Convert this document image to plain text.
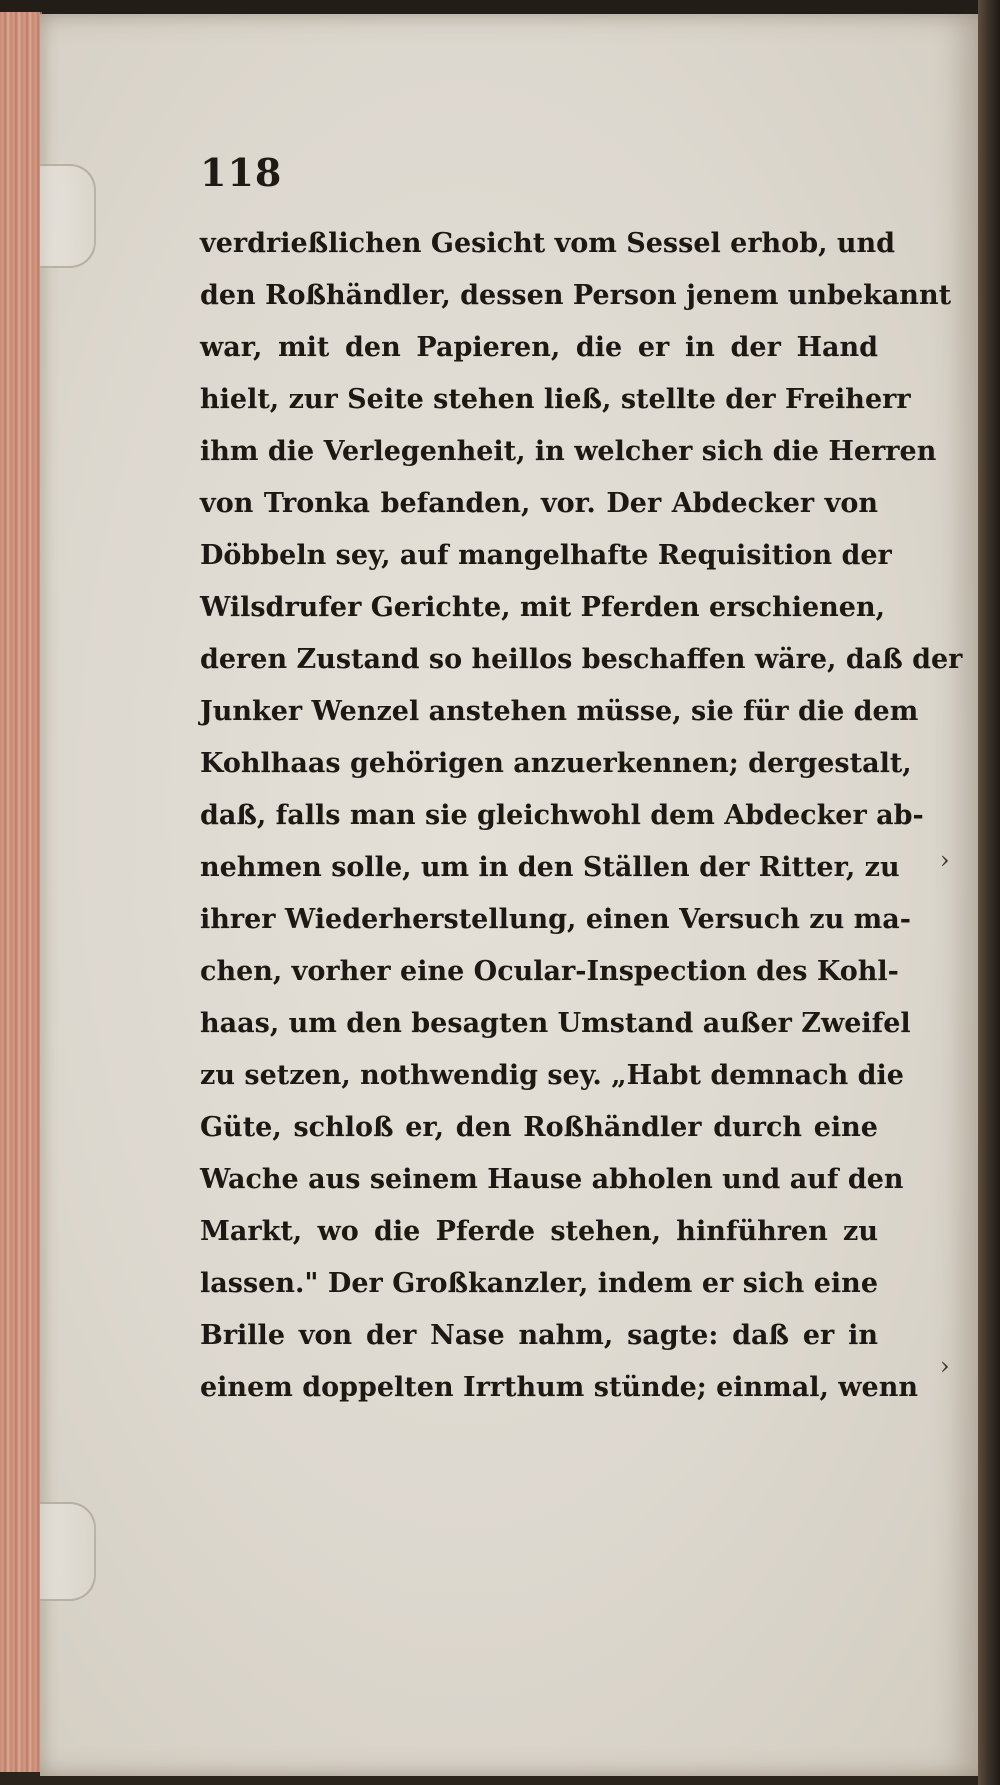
›
›
118
verdrießlichen Gesicht vom Sessel erhob, und
den Roßhändler, dessen Person jenem unbekannt
war, mit den Papieren, die er in der Hand
hielt, zur Seite stehen ließ, stellte der Freiherr
ihm die Verlegenheit, in welcher sich die Herren
von Tronka befanden, vor. Der Abdecker von
Döbbeln sey, auf mangelhafte Requisition der
Wilsdrufer Gerichte, mit Pferden erschienen,
deren Zustand so heillos beschaffen wäre, daß der
Junker Wenzel anstehen müsse, sie für die dem
Kohlhaas gehörigen anzuerkennen; dergestalt,
daß, falls man sie gleichwohl dem Abdecker ab-
nehmen solle, um in den Ställen der Ritter, zu
ihrer Wiederherstellung, einen Versuch zu ma-
chen, vorher eine Ocular-Inspection des Kohl-
haas, um den besagten Umstand außer Zweifel
zu setzen, nothwendig sey. „Habt demnach die
Güte, schloß er, den Roßhändler durch eine
Wache aus seinem Hause abholen und auf den
Markt, wo die Pferde stehen, hinführen zu
lassen." Der Großkanzler, indem er sich eine
Brille von der Nase nahm, sagte: daß er in
einem doppelten Irrthum stünde; einmal, wenn
